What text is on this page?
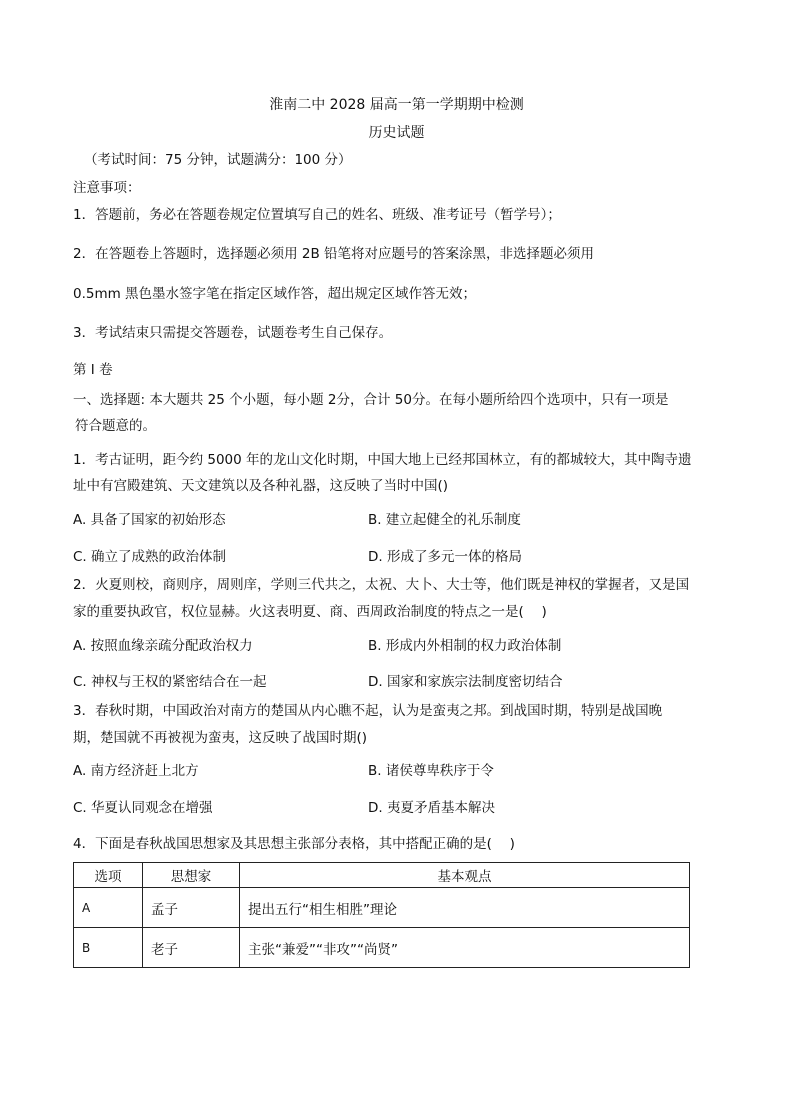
淮南二中 2028 届高一第一学期期中检测
历史试题
（考试时间：75 分钟，试题满分：100 分）
注意事项：
1．答题前，务必在答题卷规定位置填写自己的姓名、班级、准考证号（暂学号）；
2．在答题卷上答题时，选择题必须用 2B 铅笔将对应题号的答案涂黑，非选择题必须用
0.5mm 黑色墨水签字笔在指定区域作答，超出规定区域作答无效；
3．考试结束只需提交答题卷，试题卷考生自己保存。
第 I 卷
一、选择题: 本大题共 25 个小题，每小题 2分，合计 50分。在每小题所给四个选项中，只有一项是
符合题意的。
1．考古证明，距今约 5000 年的龙山文化时期，中国大地上已经邦国林立，有的都城较大，其中陶寺遗
址中有宫殿建筑、天文建筑以及各种礼器，这反映了当时中国()
A. 具备了国家的初始形态	B. 建立起健全的礼乐制度
C. 确立了成熟的政治体制	D. 形成了多元一体的格局
2．火夏则校，商则序，周则庠，学则三代共之，太祝、大卜、大士等，他们既是神权的掌握者，又是国
家的重要执政官，权位显赫。火这表明夏、商、西周政治制度的特点之一是(　 )
A. 按照血缘亲疏分配政治权力	B. 形成内外相制的权力政治体制
C. 神权与王权的紧密结合在一起	D. 国家和家族宗法制度密切结合
3．春秋时期，中国政治对南方的楚国从内心瞧不起，认为是蛮夷之邦。到战国时期，特别是战国晚
期，楚国就不再被视为蛮夷，这反映了战国时期()
A. 南方经济赶上北方	B. 诸侯尊卑秩序于令
C. 华夏认同观念在增强	D. 夷夏矛盾基本解决
4．下面是春秋战国思想家及其思想主张部分表格，其中搭配正确的是(　 )
选项	思想家	基本观点
A	孟子	提出五行“相生相胜”理论
B	老子	主张“兼爱”“非攻”“尚贤”
